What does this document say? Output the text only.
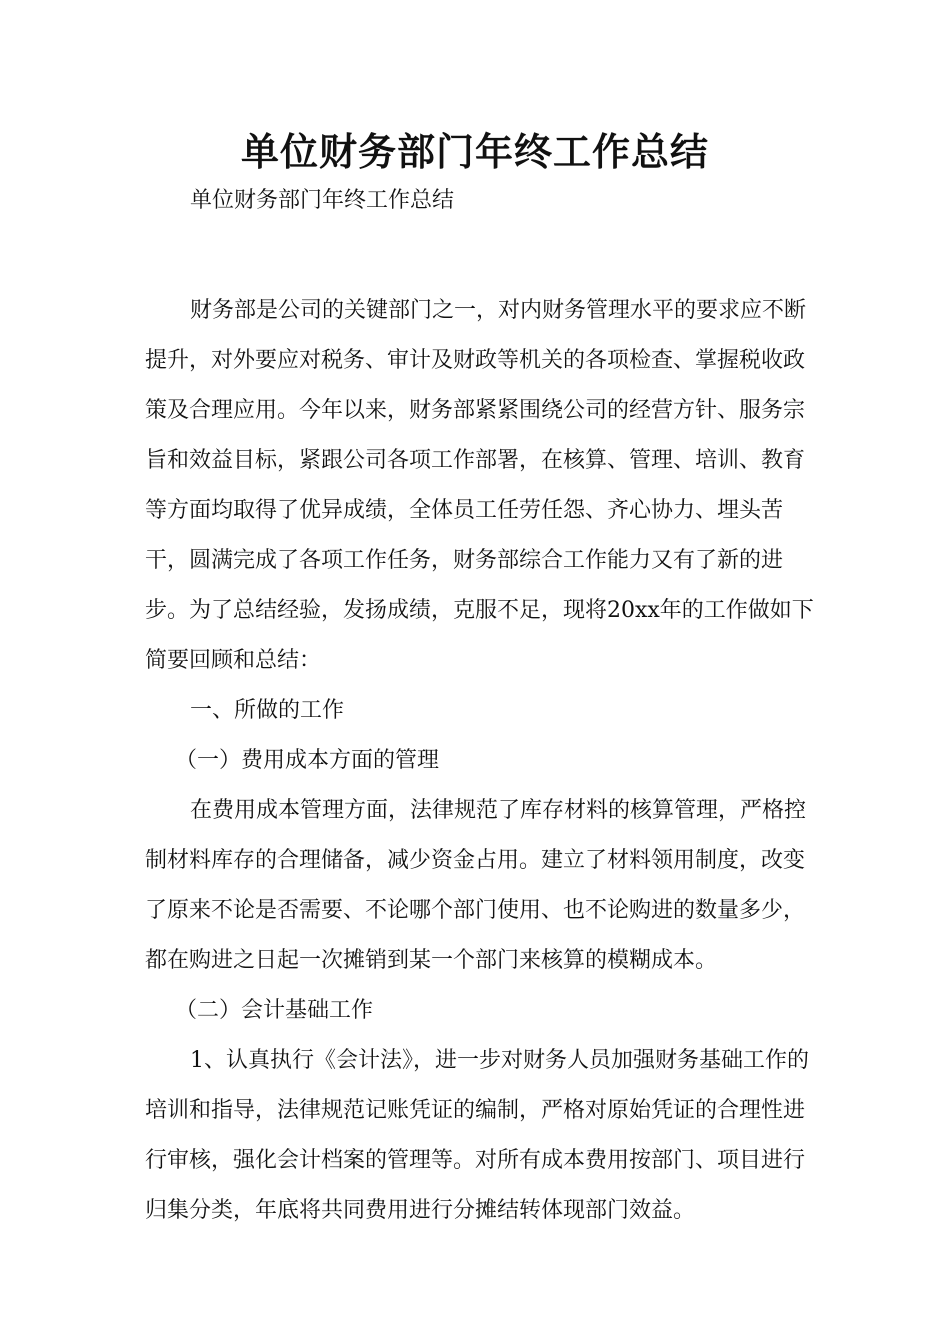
单位财务部门年终工作总结

单位财务部门年终工作总结

财务部是公司的关键部门之一，对内财务管理水平的要求应不断提升，对外要应对税务、审计及财政等机关的各项检查、掌握税收政策及合理应用。今年以来，财务部紧紧围绕公司的经营方针、服务宗旨和效益目标，紧跟公司各项工作部署，在核算、管理、培训、教育等方面均取得了优异成绩，全体员工任劳任怨、齐心协力、埋头苦干，圆满完成了各项工作任务，财务部综合工作能力又有了新的进步。为了总结经验，发扬成绩，克服不足，现将20xx年的工作做如下简要回顾和总结：

一、所做的工作

（一）费用成本方面的管理

在费用成本管理方面，法律规范了库存材料的核算管理，严格控制材料库存的合理储备，减少资金占用。建立了材料领用制度，改变了原来不论是否需要、不论哪个部门使用、也不论购进的数量多少，都在购进之日起一次摊销到某一个部门来核算的模糊成本。

（二）会计基础工作

1、认真执行《会计法》，进一步对财务人员加强财务基础工作的培训和指导，法律规范记账凭证的编制，严格对原始凭证的合理性进行审核，强化会计档案的管理等。对所有成本费用按部门、项目进行归集分类，年底将共同费用进行分摊结转体现部门效益。
